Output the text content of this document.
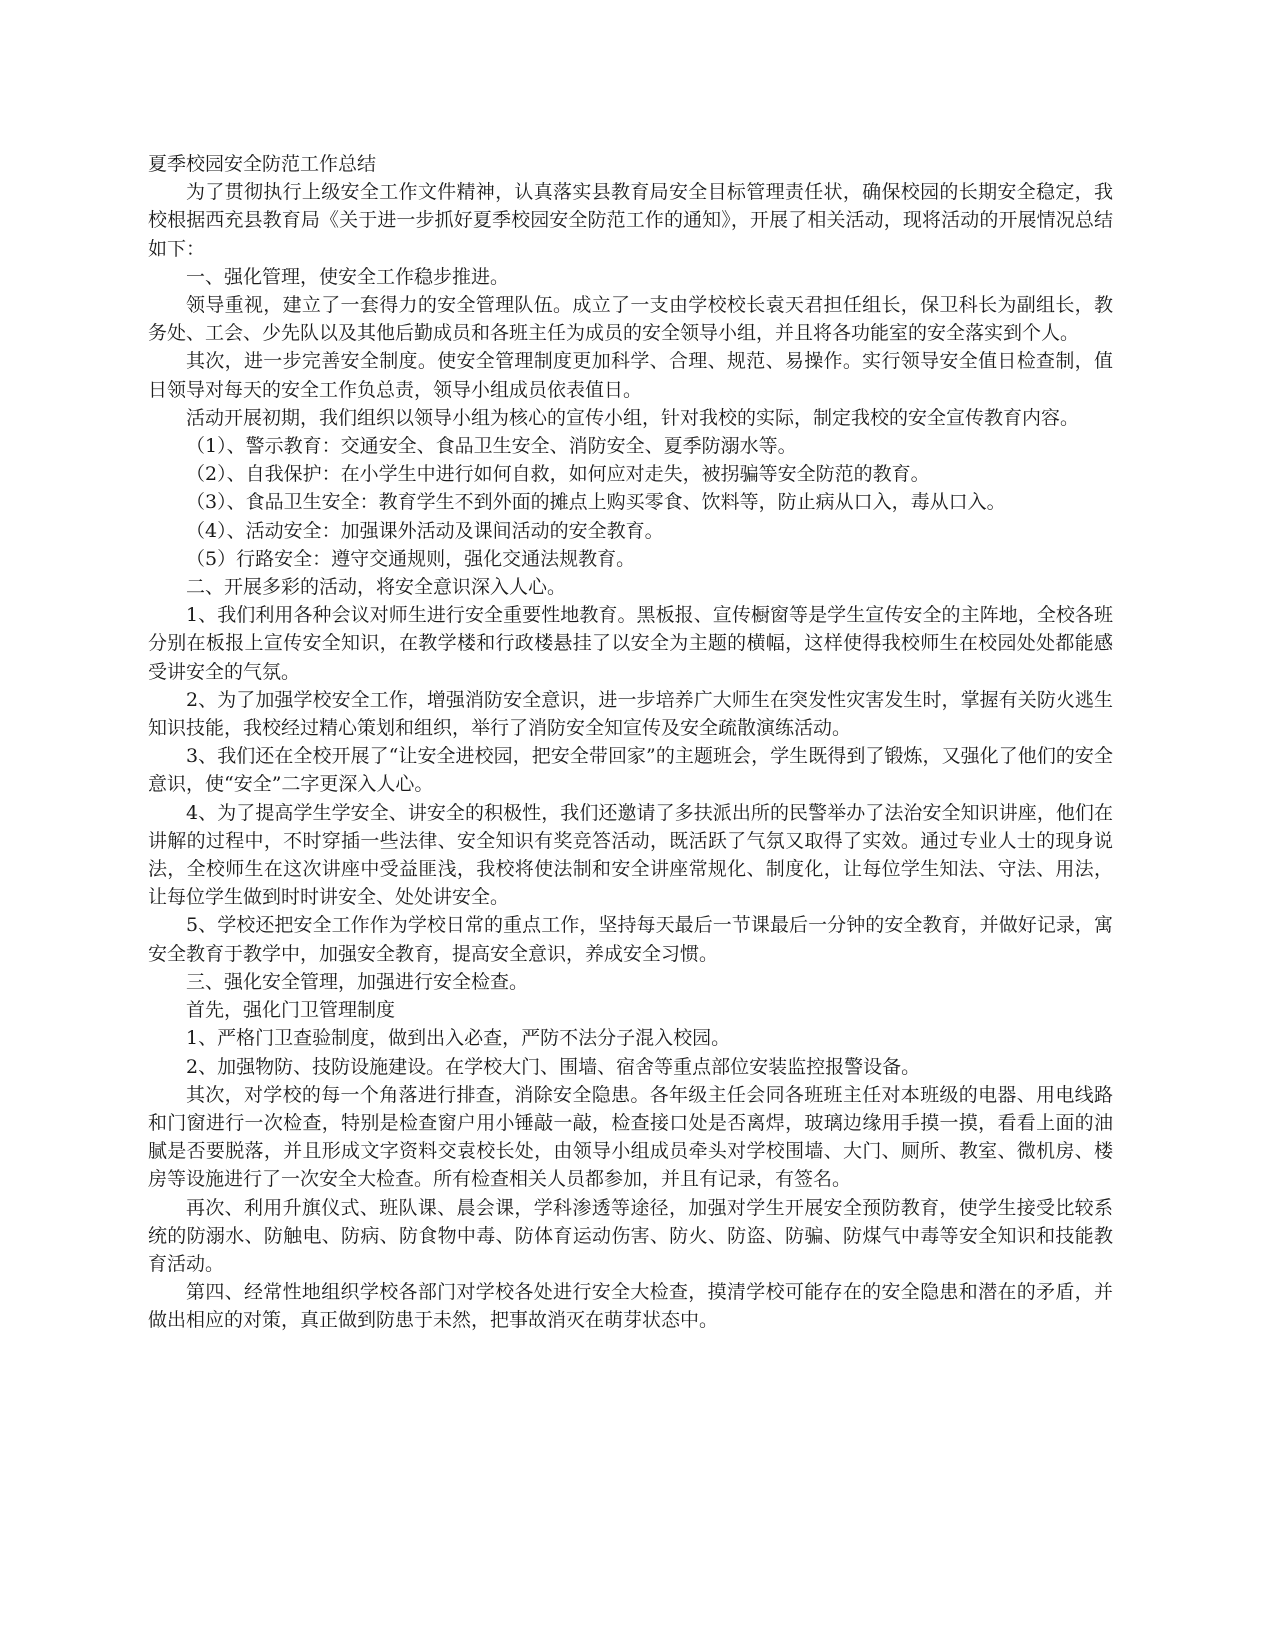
夏季校园安全防范工作总结

为了贯彻执行上级安全工作文件精神，认真落实县教育局安全目标管理责任状，确保校园的长期安全稳定，我校根据西充县教育局《关于进一步抓好夏季校园安全防范工作的通知》，开展了相关活动，现将活动的开展情况总结如下：

一、强化管理，使安全工作稳步推进。

领导重视，建立了一套得力的安全管理队伍。成立了一支由学校校长袁天君担任组长，保卫科长为副组长，教务处、工会、少先队以及其他后勤成员和各班主任为成员的安全领导小组，并且将各功能室的安全落实到个人。

其次，进一步完善安全制度。使安全管理制度更加科学、合理、规范、易操作。实行领导安全值日检查制，值日领导对每天的安全工作负总责，领导小组成员依表值日。

活动开展初期，我们组织以领导小组为核心的宣传小组，针对我校的实际，制定我校的安全宣传教育内容。

（1）、警示教育：交通安全、食品卫生安全、消防安全、夏季防溺水等。

（2）、自我保护：在小学生中进行如何自救，如何应对走失，被拐骗等安全防范的教育。

（3）、食品卫生安全：教育学生不到外面的摊点上购买零食、饮料等，防止病从口入，毒从口入。

（4）、活动安全：加强课外活动及课间活动的安全教育。

（5）行路安全：遵守交通规则，强化交通法规教育。

二、开展多彩的活动，将安全意识深入人心。

1、我们利用各种会议对师生进行安全重要性地教育。黑板报、宣传橱窗等是学生宣传安全的主阵地，全校各班分别在板报上宣传安全知识，在教学楼和行政楼悬挂了以安全为主题的横幅，这样使得我校师生在校园处处都能感受讲安全的气氛。

2、为了加强学校安全工作，增强消防安全意识，进一步培养广大师生在突发性灾害发生时，掌握有关防火逃生知识技能，我校经过精心策划和组织，举行了消防安全知宣传及安全疏散演练活动。

3、我们还在全校开展了“让安全进校园，把安全带回家”的主题班会，学生既得到了锻炼，又强化了他们的安全意识，使“安全”二字更深入人心。

4、为了提高学生学安全、讲安全的积极性，我们还邀请了多扶派出所的民警举办了法治安全知识讲座，他们在讲解的过程中，不时穿插一些法律、安全知识有奖竞答活动，既活跃了气氛又取得了实效。通过专业人士的现身说法，全校师生在这次讲座中受益匪浅，我校将使法制和安全讲座常规化、制度化，让每位学生知法、守法、用法，让每位学生做到时时讲安全、处处讲安全。

5、学校还把安全工作作为学校日常的重点工作，坚持每天最后一节课最后一分钟的安全教育，并做好记录，寓安全教育于教学中，加强安全教育，提高安全意识，养成安全习惯。

三、强化安全管理，加强进行安全检查。

首先，强化门卫管理制度

1、严格门卫查验制度，做到出入必查，严防不法分子混入校园。

2、加强物防、技防设施建设。在学校大门、围墙、宿舍等重点部位安装监控报警设备。

其次，对学校的每一个角落进行排查，消除安全隐患。各年级主任会同各班班主任对本班级的电器、用电线路和门窗进行一次检查，特别是检查窗户用小锤敲一敲，检查接口处是否离焊，玻璃边缘用手摸一摸，看看上面的油腻是否要脱落，并且形成文字资料交袁校长处，由领导小组成员牵头对学校围墙、大门、厕所、教室、微机房、楼房等设施进行了一次安全大检查。所有检查相关人员都参加，并且有记录，有签名。

再次、利用升旗仪式、班队课、晨会课，学科渗透等途径，加强对学生开展安全预防教育，使学生接受比较系统的防溺水、防触电、防病、防食物中毒、防体育运动伤害、防火、防盗、防骗、防煤气中毒等安全知识和技能教育活动。

第四、经常性地组织学校各部门对学校各处进行安全大检查，摸清学校可能存在的安全隐患和潜在的矛盾，并做出相应的对策，真正做到防患于未然，把事故消灭在萌芽状态中。
